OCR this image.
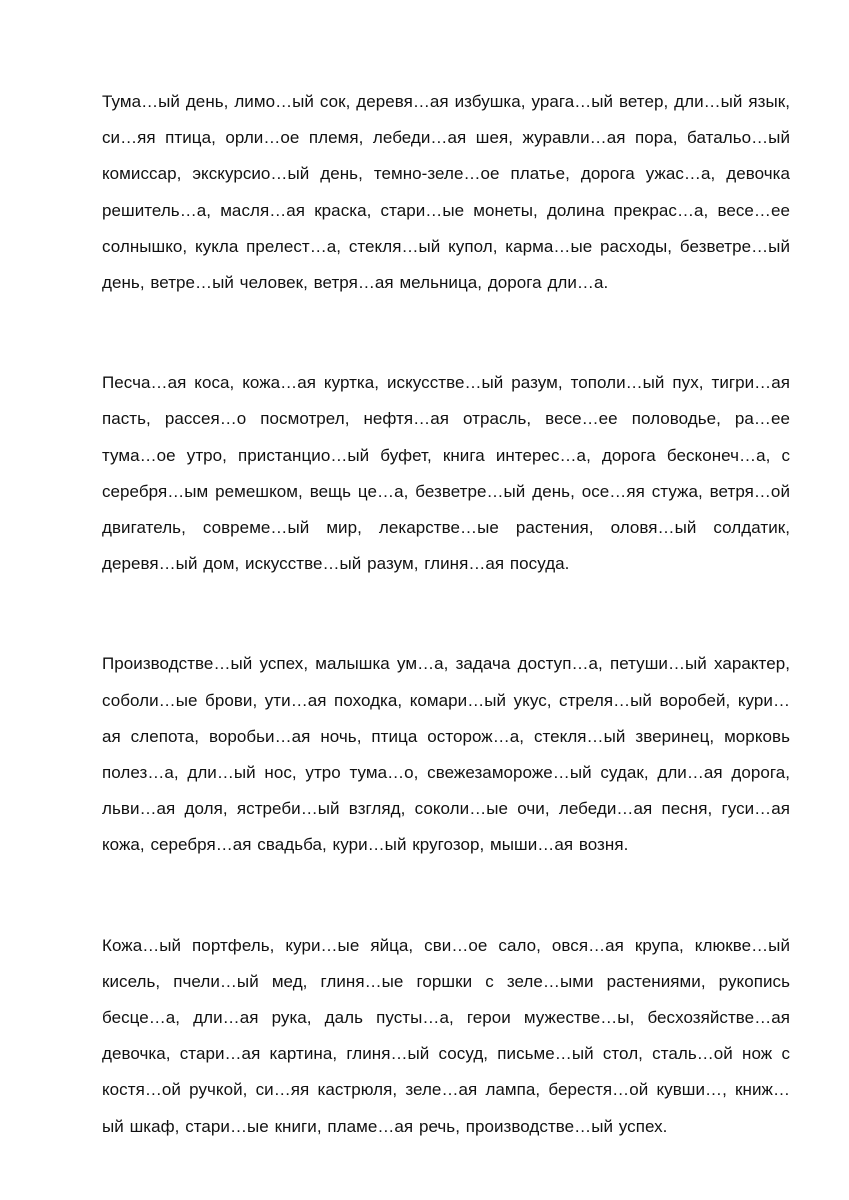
Тума…ый день, лимо…ый сок, деревя…ая избушка, урага…ый ветер, дли…ый язык, си…яя птица, орли…ое племя, лебеди…ая шея, журавли…ая пора, батальо…ый комиссар, экскурсио…ый день, темно-зеле…ое платье, дорога ужас…а, девочка решитель…а, масля…ая краска, стари…ые монеты, долина прекрас…а, весе…ее солнышко, кукла прелест…а, стекля…ый купол, карма…ые расходы, безветре…ый день, ветре…ый человек, ветря…ая мельница, дорога дли…а.

Песча…ая коса, кожа…ая куртка, искусстве…ый разум, тополи…ый пух, тигри…ая пасть, рассея…о посмотрел, нефтя…ая отрасль, весе…ее половодье, ра…ее тума…ое утро, пристанцио…ый буфет, книга интерес…а, дорога бесконеч…а, с серебря…ым ремешком, вещь це…а, безветре…ый день, осе…яя стужа, ветря…ой двигатель, совреме…ый мир, лекарстве…ые растения, оловя…ый солдатик, деревя…ый дом, искусстве…ый разум, глиня…ая посуда.

Производстве…ый успех, малышка ум…а, задача доступ…а, петуши…ый характер, соболи…ые брови, ути…ая походка, комари…ый укус, стреля…ый воробей, кури…ая слепота, воробьи…ая ночь, птица осторож…а, стекля…ый зверинец, морковь полез…а, дли…ый нос, утро тума…о, свежезаморожe…ый судак, дли…ая дорога, льви…ая доля, ястреби…ый взгляд, соколи…ые очи, лебеди…ая песня, гуси…ая кожа, серебря…ая свадьба, кури…ый кругозор, мыши…ая возня.

Кожа…ый портфель, кури…ые яйца, сви…ое сало, овся…ая крупа, клюкве…ый кисель, пчели…ый мед, глиня…ые горшки с зеле…ыми растениями, рукопись бесце…а, дли…ая рука, даль пусты…а, герои мужестве…ы, бесхозяйстве…ая девочка, стари…ая картина, глиня…ый сосуд, письме…ый стол, сталь…ой нож с костя…ой ручкой, си…яя кастрюля, зеле…ая лампа, берестя…ой кувши…, книж…ый шкаф, стари…ые книги, пламе…ая речь, производстве…ый успех.
